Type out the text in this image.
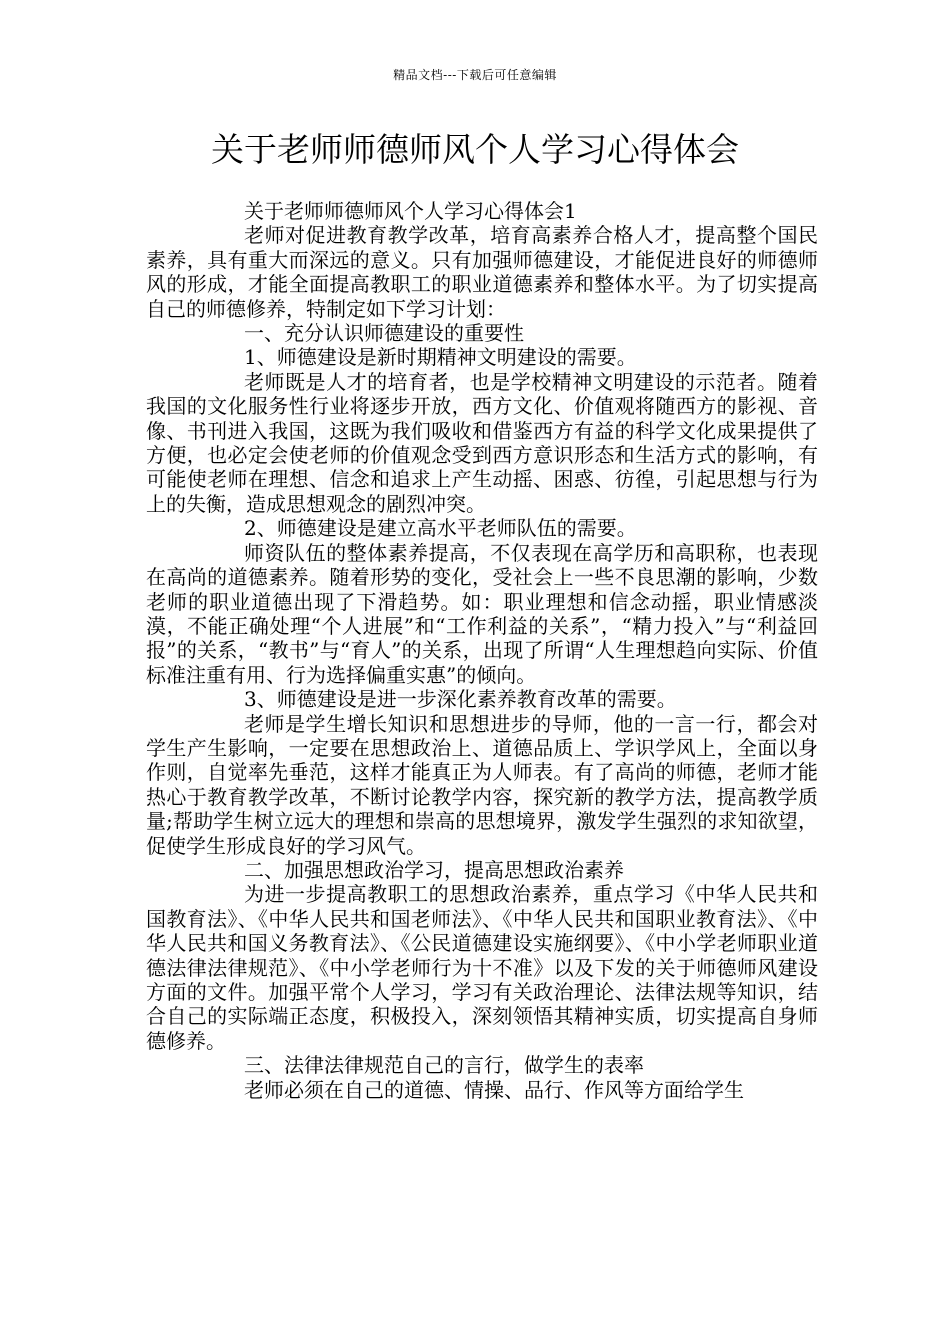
精品文档---下载后可任意编辑
关于老师师德师风个人学习心得体会

关于老师师德师风个人学习心得体会1

老师对促进教育教学改革，培育高素养合格人才，提高整个国民素养，具有重大而深远的意义。只有加强师德建设，才能促进良好的师德师风的形成，才能全面提高教职工的职业道德素养和整体水平。为了切实提高自己的师德修养，特制定如下学习计划：

一、充分认识师德建设的重要性

1、师德建设是新时期精神文明建设的需要。

老师既是人才的培育者，也是学校精神文明建设的示范者。随着我国的文化服务性行业将逐步开放，西方文化、价值观将随西方的影视、音像、书刊进入我国，这既为我们吸收和借鉴西方有益的科学文化成果提供了方便，也必定会使老师的价值观念受到西方意识形态和生活方式的影响，有可能使老师在理想、信念和追求上产生动摇、困惑、彷徨，引起思想与行为上的失衡，造成思想观念的剧烈冲突。

2、师德建设是建立高水平老师队伍的需要。

师资队伍的整体素养提高，不仅表现在高学历和高职称，也表现在高尚的道德素养。随着形势的变化，受社会上一些不良思潮的影响，少数老师的职业道德出现了下滑趋势。如：职业理想和信念动摇，职业情感淡漠，不能正确处理“个人进展”和“工作利益的关系”，“精力投入”与“利益回报”的关系，“教书”与“育人”的关系，出现了所谓“人生理想趋向实际、价值标准注重有用、行为选择偏重实惠”的倾向。

3、师德建设是进一步深化素养教育改革的需要。

老师是学生增长知识和思想进步的导师，他的一言一行，都会对学生产生影响，一定要在思想政治上、道德品质上、学识学风上，全面以身作则，自觉率先垂范，这样才能真正为人师表。有了高尚的师德，老师才能热心于教育教学改革，不断讨论教学内容，探究新的教学方法，提高教学质量;帮助学生树立远大的理想和崇高的思想境界，激发学生强烈的求知欲望，促使学生形成良好的学习风气。

二、加强思想政治学习，提高思想政治素养

为进一步提高教职工的思想政治素养，重点学习《中华人民共和国教育法》、《中华人民共和国老师法》、《中华人民共和国职业教育法》、《中华人民共和国义务教育法》、《公民道德建设实施纲要》、《中小学老师职业道德法律法律规范》、《中小学老师行为十不准》以及下发的关于师德师风建设方面的文件。加强平常个人学习，学习有关政治理论、法律法规等知识，结合自己的实际端正态度，积极投入，深刻领悟其精神实质，切实提高自身师德修养。

三、法律法律规范自己的言行，做学生的表率

老师必须在自己的道德、情操、品行、作风等方面给学生
